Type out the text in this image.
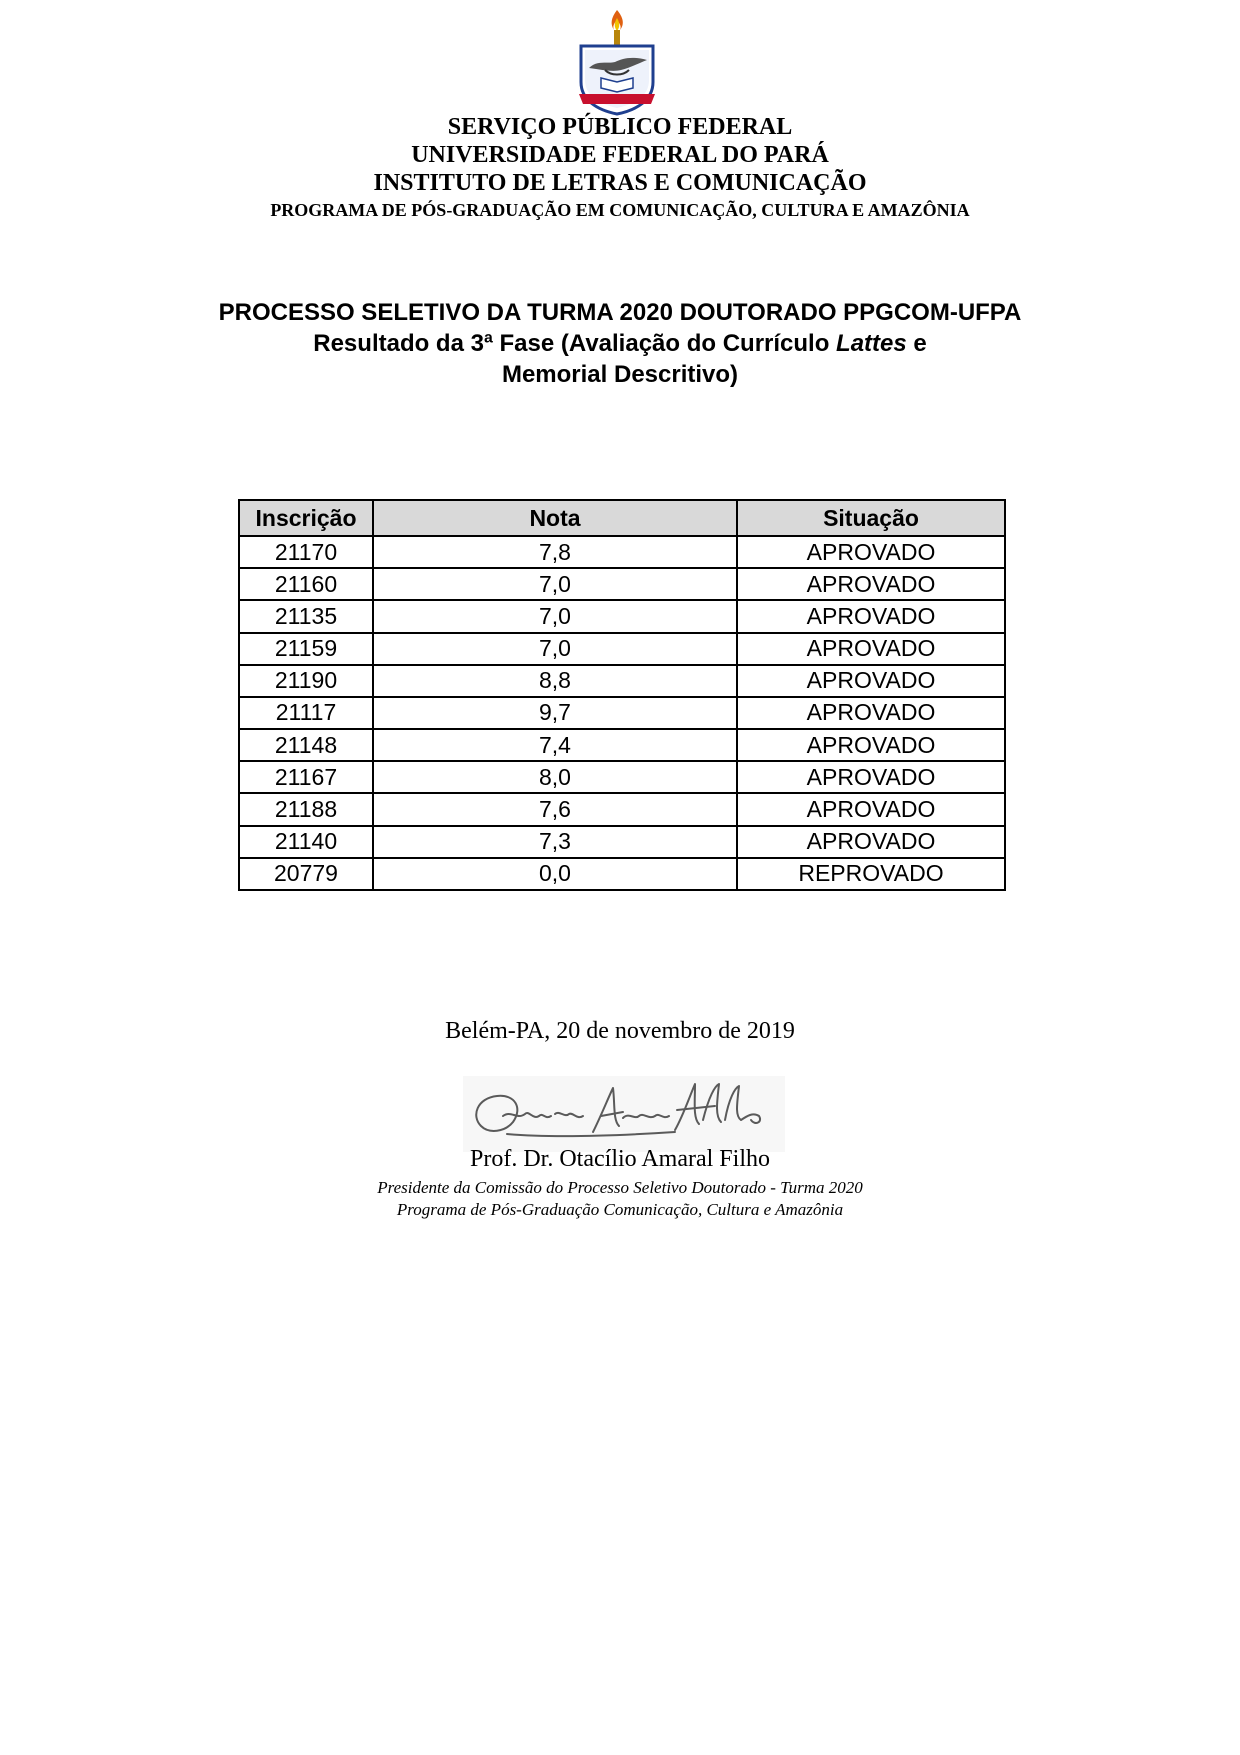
SERVIÇO PÚBLICO FEDERAL
UNIVERSIDADE FEDERAL DO PARÁ
INSTITUTO DE LETRAS E COMUNICAÇÃO
PROGRAMA DE PÓS-GRADUAÇÃO EM COMUNICAÇÃO, CULTURA E AMAZÔNIA
PROCESSO SELETIVO DA TURMA 2020 DOUTORADO PPGCOM-UFPA
Resultado da 3ª Fase (Avaliação do Currículo Lattes e
Memorial Descritivo)
Inscrição	Nota	Situação
21170	7,8	APROVADO
21160	7,0	APROVADO
21135	7,0	APROVADO
21159	7,0	APROVADO
21190	8,8	APROVADO
21117	9,7	APROVADO
21148	7,4	APROVADO
21167	8,0	APROVADO
21188	7,6	APROVADO
21140	7,3	APROVADO
20779	0,0	REPROVADO
Belém-PA, 20 de novembro de 2019
Prof. Dr. Otacílio Amaral Filho
Presidente da Comissão do Processo Seletivo Doutorado - Turma 2020
Programa de Pós-Graduação Comunicação, Cultura e Amazônia
